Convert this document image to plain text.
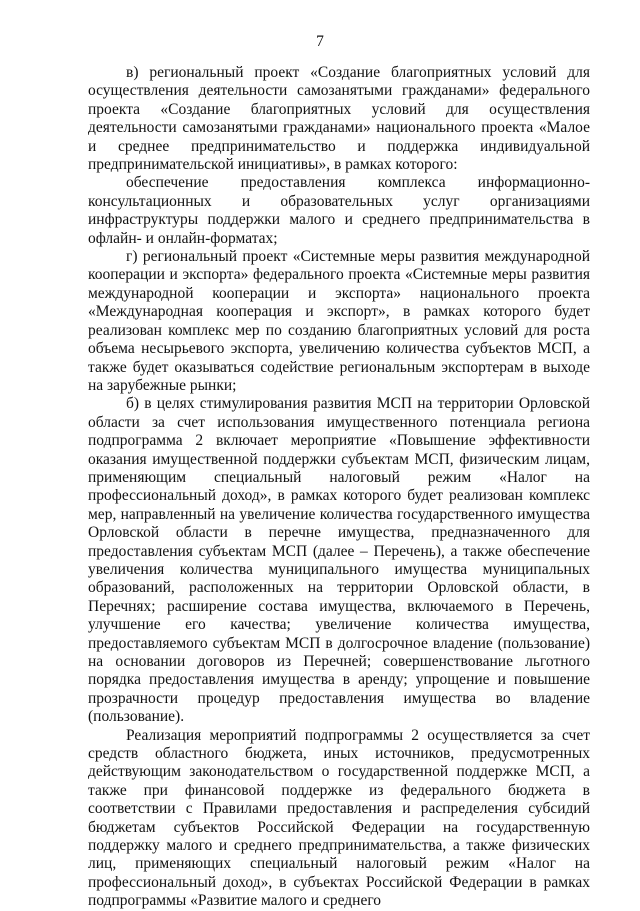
7

в) региональный проект «Создание благоприятных условий для осуществления деятельности самозанятыми гражданами» федерального проекта «Создание благоприятных условий для осуществления деятельности самозанятыми гражданами» национального проекта «Малое и среднее предпринимательство и поддержка индивидуальной предпринимательской инициативы», в рамках которого:

обеспечение предоставления комплекса информационно-консультационных и образовательных услуг организациями инфраструктуры поддержки малого и среднего предпринимательства в офлайн- и онлайн-форматах;

г) региональный проект «Системные меры развития международной кооперации и экспорта» федерального проекта «Системные меры развития международной кооперации и экспорта» национального проекта «Международная кооперация и экспорт», в рамках которого будет реализован комплекс мер по созданию благоприятных условий для роста объема несырьевого экспорта, увеличению количества субъектов МСП, а также будет оказываться содействие региональным экспортерам в выходе на зарубежные рынки;

б) в целях стимулирования развития МСП на территории Орловской области за счет использования имущественного потенциала региона подпрограмма 2 включает мероприятие «Повышение эффективности оказания имущественной поддержки субъектам МСП, физическим лицам, применяющим специальный налоговый режим «Налог на профессиональный доход», в рамках которого будет реализован комплекс мер, направленный на увеличение количества государственного имущества Орловской области в перечне имущества, предназначенного для предоставления субъектам МСП (далее – Перечень), а также обеспечение увеличения количества муниципального имущества муниципальных образований, расположенных на территории Орловской области, в Перечнях; расширение состава имущества, включаемого в Перечень, улучшение его качества; увеличение количества имущества, предоставляемого субъектам МСП в долгосрочное владение (пользование) на основании договоров из Перечней; совершенствование льготного порядка предоставления имущества в аренду; упрощение и повышение прозрачности процедур предоставления имущества во владение (пользование).

Реализация мероприятий подпрограммы 2 осуществляется за счет средств областного бюджета, иных источников, предусмотренных действующим законодательством о государственной поддержке МСП, а также при финансовой поддержке из федерального бюджета в соответствии с Правилами предоставления и распределения субсидий бюджетам субъектов Российской Федерации на государственную поддержку малого и среднего предпринимательства, а также физических лиц, применяющих специальный налоговый режим «Налог на профессиональный доход», в субъектах Российской Федерации в рамках подпрограммы «Развитие малого и среднего
